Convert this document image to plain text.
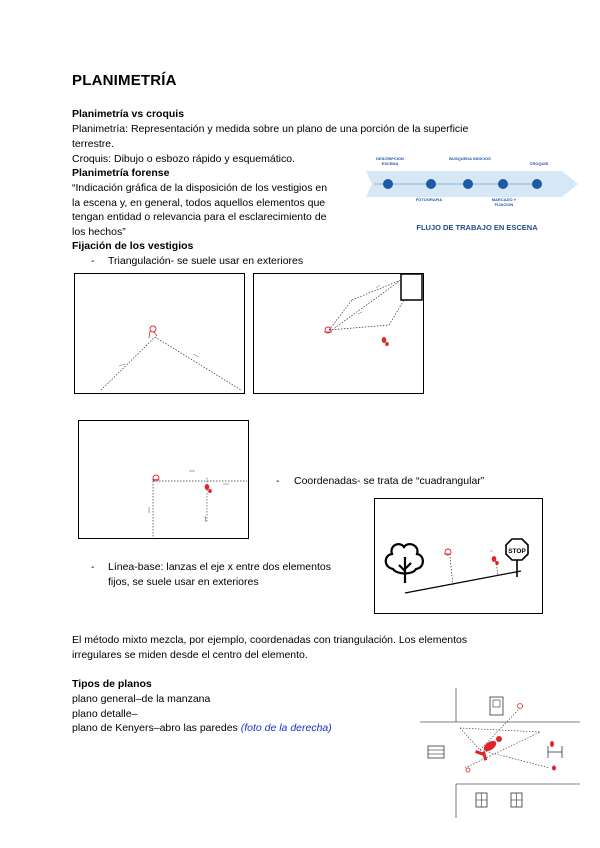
PLANIMETRÍA
Planimetría vs croquis
Planimetría: Representación y medida sobre un plano de una porción de la superficie
terrestre.
Croquis: Dibujo o esbozo rápido y esquemático.
Planimetría forense
“Indicación gráfica de la disposición de los vestigios en
la escena y, en general, todos aquellos elementos que
tengan entidad o relevancia para el esclarecimiento de
los hechos”
Fijación de los vestigios
- Triangulación- se suele usar en exteriores
DESCRIPCION ESCENA
BUSQUEDA INDICIOS
CROQUIS
FOTOGRAFIA	MARCADO Y FIJACION
FLUJO DE TRABAJO EN ESCENA
- Coordenadas- se trata de “cuadrangular”
STOP
- Línea-base: lanzas el eje x entre dos elementos
fijos, se suele usar en exteriores
El método mixto mezcla, por ejemplo, coordenadas con triangulación. Los elementos
irregulares se miden desde el centro del elemento.
Tipos de planos
plano general–de la manzana
plano detalle–
plano de Kenyers–abro las paredes (foto de la derecha)
